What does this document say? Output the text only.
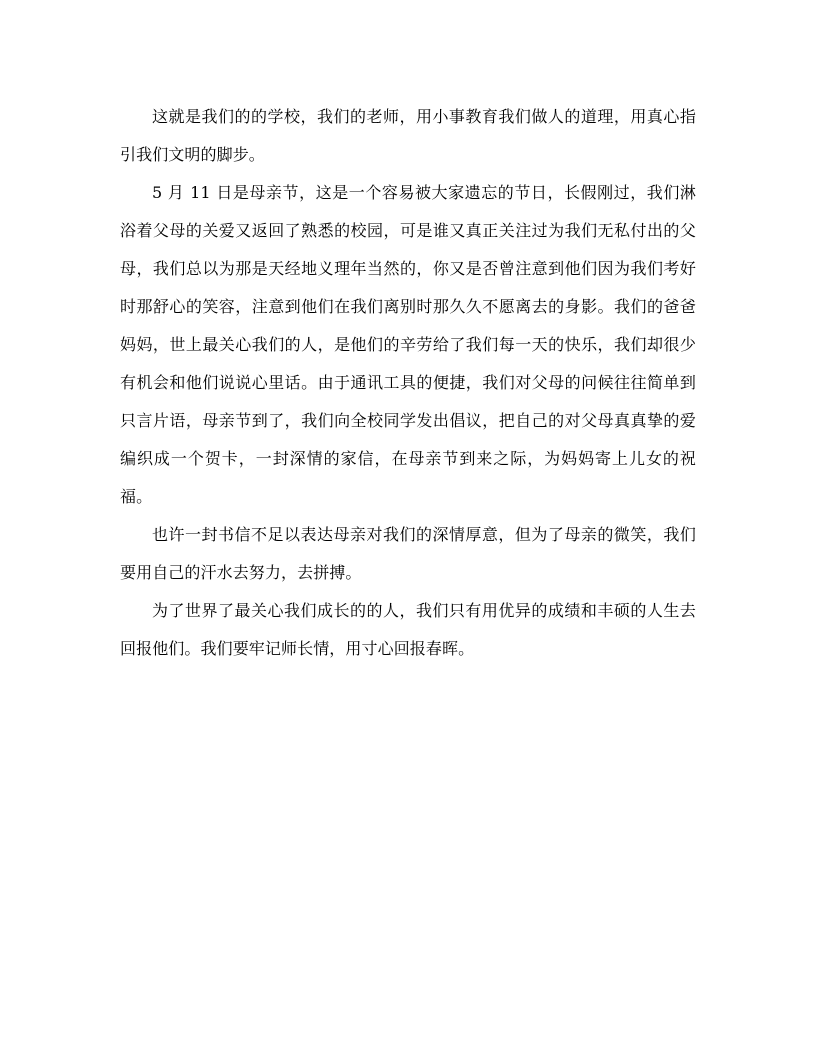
这就是我们的的学校，我们的老师，用小事教育我们做人的道理，用真心指引我们文明的脚步。

5 月 11 日是母亲节，这是一个容易被大家遗忘的节日，长假刚过，我们淋浴着父母的关爱又返回了熟悉的校园，可是谁又真正关注过为我们无私付出的父母，我们总以为那是天经地义理年当然的，你又是否曾注意到他们因为我们考好时那舒心的笑容，注意到他们在我们离别时那久久不愿离去的身影。我们的爸爸妈妈，世上最关心我们的人，是他们的辛劳给了我们每一天的快乐，我们却很少有机会和他们说说心里话。由于通讯工具的便捷，我们对父母的问候往往简单到只言片语，母亲节到了，我们向全校同学发出倡议，把自己的对父母真真挚的爱编织成一个贺卡，一封深情的家信，在母亲节到来之际，为妈妈寄上儿女的祝福。

也许一封书信不足以表达母亲对我们的深情厚意，但为了母亲的微笑，我们要用自己的汗水去努力，去拼搏。

为了世界了最关心我们成长的的人，我们只有用优异的成绩和丰硕的人生去回报他们。我们要牢记师长情，用寸心回报春晖。
